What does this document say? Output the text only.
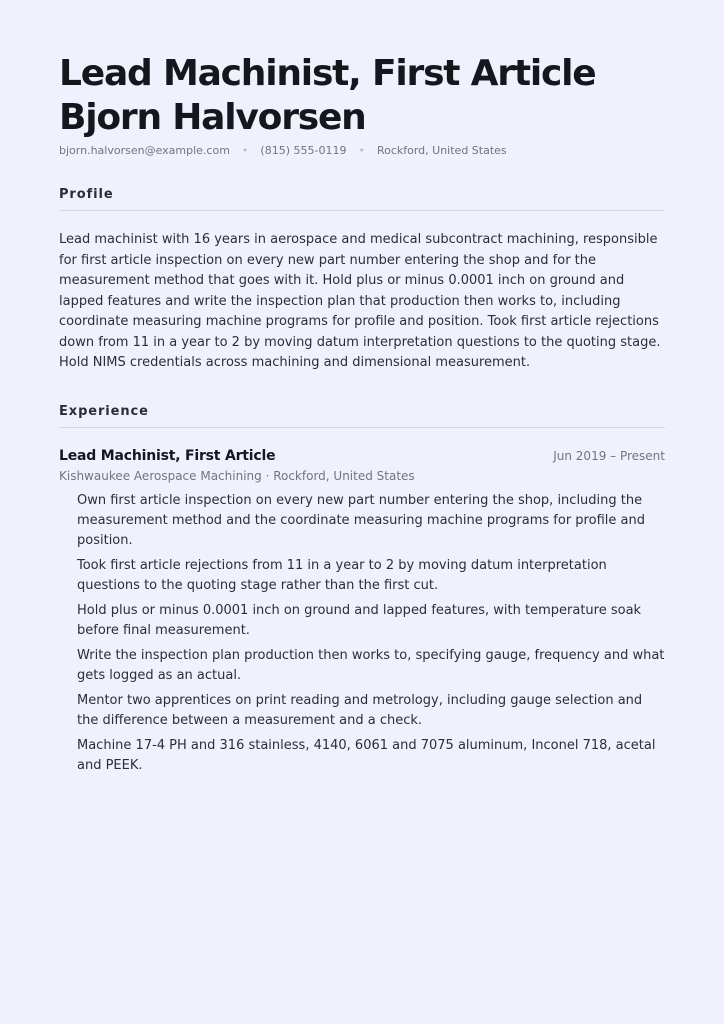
Lead Machinist, First Article
Bjorn Halvorsen
bjorn.halvorsen@example.com • (815) 555-0119 • Rockford, United States
Profile
Lead machinist with 16 years in aerospace and medical subcontract machining, responsible for first article inspection on every new part number entering the shop and for the measurement method that goes with it. Hold plus or minus 0.0001 inch on ground and lapped features and write the inspection plan that production then works to, including coordinate measuring machine programs for profile and position. Took first article rejections down from 11 in a year to 2 by moving datum interpretation questions to the quoting stage. Hold NIMS credentials across machining and dimensional measurement.
Experience
Lead Machinist, First Article	Jun 2019 – Present
Kishwaukee Aerospace Machining · Rockford, United States
Own first article inspection on every new part number entering the shop, including the measurement method and the coordinate measuring machine programs for profile and position.
Took first article rejections from 11 in a year to 2 by moving datum interpretation questions to the quoting stage rather than the first cut.
Hold plus or minus 0.0001 inch on ground and lapped features, with temperature soak before final measurement.
Write the inspection plan production then works to, specifying gauge, frequency and what gets logged as an actual.
Mentor two apprentices on print reading and metrology, including gauge selection and the difference between a measurement and a check.
Machine 17-4 PH and 316 stainless, 4140, 6061 and 7075 aluminum, Inconel 718, acetal and PEEK.
